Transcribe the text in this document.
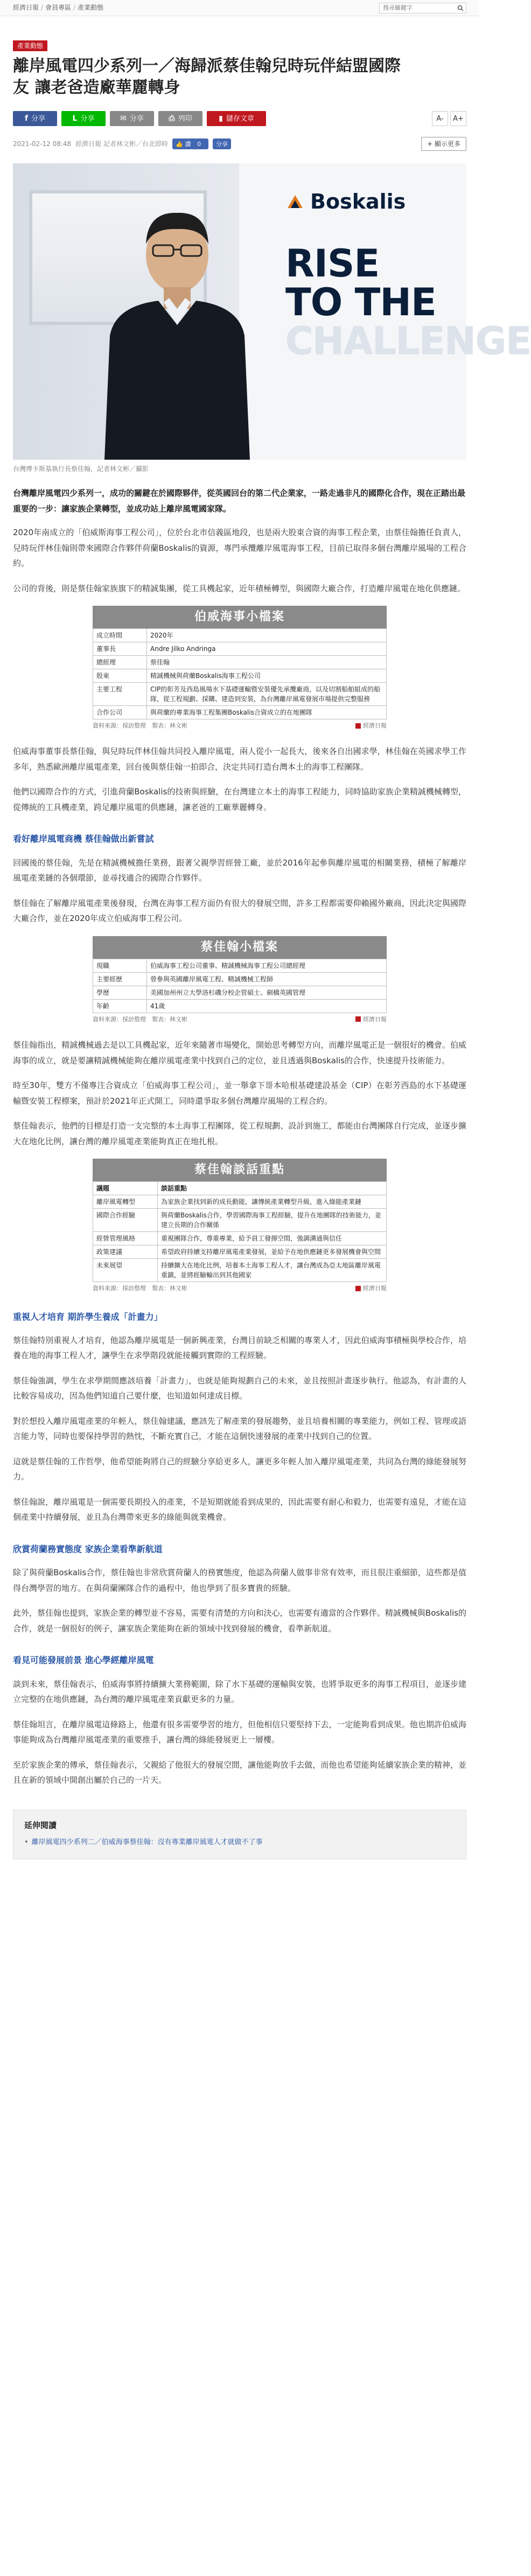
經濟日報 / 會員專區 / 產業動態
搜尋關鍵字
產業動態
離岸風電四少系列一／海歸派蔡佳翰兒時玩伴結盟國際
友 讓老爸造廠華麗轉身
f 分享	L 分享	✉ 分享	⎙ 列印	▮ 儲存文章	A-	A+
2021-02-12 08:48 經濟日報 記者林文彬／台北即時 👍 讚
0	分享	+ 顯示更多
Boskalis
RISE
TO THE
CHALLENGE
台灣博卡斯基執行長蔡佳翰，記者林文彬／攝影

台灣離岸風電四少系列一，成功的關鍵在於國際夥伴，從英國回台的第二代企業家，一路走過非凡的國際化合作，現在正踏出最重要的一步：讓家族企業轉型，並成功站上離岸風電國家隊。

2020年南成立的「伯威斯海事工程公司」，位於台北市信義區地段，也是兩大股東合資的海事工程企業，由蔡佳翰擔任負責人，兒時玩伴林佳翰則帶來國際合作夥伴荷蘭Boskalis的資源，專門承攬離岸風電海事工程，目前已取得多個台灣離岸風場的工程合約。

公司的背後，則是蔡佳翰家族旗下的精誠集團，從工具機起家，近年積極轉型，與國際大廠合作，打造離岸風電在地化供應鏈。

伯威海事小檔案
成立時間	2020年
董事長	Andre Jilko Andringa
總經理	蔡佳翰
股東	精誠機械與荷蘭Boskalis海事工程公司
主要工程	CIP的彰芳及西島風場水下基礎運輸暨安裝優先承攬廠商，以及切割船舶組成的船隊，從工程規劃、採購、建造到安裝，為台灣離岸風電發展市場提供完整服務
合作公司	與荷蘭的專業海事工程集團Boskalis合資成立的在地團隊
資料來源：採訪整理　製表：林文彬	經濟日報

伯威海事董事長蔡佳翰，與兒時玩伴林佳翰共同投入離岸風電，兩人從小一起長大，後來各自出國求學，林佳翰在英國求學工作多年，熟悉歐洲離岸風電產業，回台後與蔡佳翰一拍即合，決定共同打造台灣本土的海事工程團隊。

他們以國際合作的方式，引進荷蘭Boskalis的技術與經驗，在台灣建立本土的海事工程能力，同時協助家族企業精誠機械轉型，從傳統的工具機產業，跨足離岸風電的供應鏈，讓老爸的工廠華麗轉身。

看好離岸風電商機 蔡佳翰做出新嘗試

回國後的蔡佳翰，先是在精誠機械擔任業務，跟著父親學習經營工廠，並於2016年起參與離岸風電的相關業務，積極了解離岸風電產業鏈的各個環節，並尋找適合的國際合作夥伴。

蔡佳翰在了解離岸風電產業後發現，台灣在海事工程方面仍有很大的發展空間，許多工程都需要仰賴國外廠商，因此決定與國際大廠合作，並在2020年成立伯威海事工程公司。

蔡佳翰小檔案
現職	伯威海事工程公司董事、精誠機械海事工程公司總經理
主要經歷	曾參與英國離岸風電工程、精誠機械工程師
學歷	美國加州州立大學洛杉磯分校企管碩士、劍橋英國管理
年齡	41歲
資料來源：採訪整理　製表：林文彬	經濟日報

蔡佳翰指出，精誠機械過去是以工具機起家，近年來隨著市場變化，開始思考轉型方向，而離岸風電正是一個很好的機會。伯威海事的成立，就是要讓精誠機械能夠在離岸風電產業中找到自己的定位，並且透過與Boskalis的合作，快速提升技術能力。

時至30年，雙方不僅專注合資成立「伯威海事工程公司」，並一舉拿下哥本哈根基礎建設基金（CIP）在彰芳西島的水下基礎運輸暨安裝工程標案，預計於2021年正式開工，同時還爭取多個台灣離岸風場的工程合約。

蔡佳翰表示，他們的目標是打造一支完整的本土海事工程團隊，從工程規劃、設計到施工，都能由台灣團隊自行完成，並逐步擴大在地化比例，讓台灣的離岸風電產業能夠真正在地扎根。

蔡佳翰談話重點
議題	談話重點
離岸風電轉型	為家族企業找到新的成長動能，讓傳統產業轉型升級，進入綠能產業鏈
國際合作經驗	與荷蘭Boskalis合作，學習國際海事工程經驗，提升在地團隊的技術能力，並建立長期的合作關係
經營管理風格	重視團隊合作，尊重專業，給予員工發揮空間，強調溝通與信任
政策建議	希望政府持續支持離岸風電產業發展，並給予在地供應鏈更多發展機會與空間
未來展望	持續擴大在地化比例，培養本土海事工程人才，讓台灣成為亞太地區離岸風電重鎮，並將經驗輸出到其他國家
資料來源：採訪整理　製表：林文彬	經濟日報
重視人才培育 期許學生養成「計畫力」

蔡佳翰特別重視人才培育，他認為離岸風電是一個新興產業，台灣目前缺乏相關的專業人才，因此伯威海事積極與學校合作，培養在地的海事工程人才，讓學生在求學階段就能接觸到實際的工程經驗。

蔡佳翰強調，學生在求學期間應該培養「計畫力」，也就是能夠規劃自己的未來，並且按照計畫逐步執行。他認為，有計畫的人比較容易成功，因為他們知道自己要什麼，也知道如何達成目標。

對於想投入離岸風電產業的年輕人，蔡佳翰建議，應該先了解產業的發展趨勢，並且培養相關的專業能力，例如工程、管理或語言能力等，同時也要保持學習的熱忱，不斷充實自己，才能在這個快速發展的產業中找到自己的位置。

這就是蔡佳翰的工作哲學，他希望能夠將自己的經驗分享給更多人，讓更多年輕人加入離岸風電產業，共同為台灣的綠能發展努力。

蔡佳翰說，離岸風電是一個需要長期投入的產業，不是短期就能看到成果的，因此需要有耐心和毅力，也需要有遠見，才能在這個產業中持續發展，並且為台灣帶來更多的綠能與就業機會。

欣賞荷蘭務實態度 家族企業看準新航道

除了與荷蘭Boskalis合作，蔡佳翰也非常欣賞荷蘭人的務實態度，他認為荷蘭人做事非常有效率，而且很注重細節，這些都是值得台灣學習的地方。在與荷蘭團隊合作的過程中，他也學到了很多寶貴的經驗。

此外，蔡佳翰也提到，家族企業的轉型並不容易，需要有清楚的方向和決心，也需要有適當的合作夥伴。精誠機械與Boskalis的合作，就是一個很好的例子，讓家族企業能夠在新的領域中找到發展的機會，看準新航道。

看見可能發展前景 進心學經離岸風電

談到未來，蔡佳翰表示，伯威海事將持續擴大業務範圍，除了水下基礎的運輸與安裝，也將爭取更多的海事工程項目，並逐步建立完整的在地供應鏈，為台灣的離岸風電產業貢獻更多的力量。

蔡佳翰坦言，在離岸風電這條路上，他還有很多需要學習的地方，但他相信只要堅持下去，一定能夠看到成果。他也期許伯威海事能夠成為台灣離岸風電產業的重要推手，讓台灣的綠能發展更上一層樓。

至於家族企業的傳承，蔡佳翰表示，父親給了他很大的發展空間，讓他能夠放手去做，而他也希望能夠延續家族企業的精神，並且在新的領域中開創出屬於自己的一片天。

延伸閱讀
• 離岸風電四少系列二／伯威海事蔡佳翰：沒有專業離岸風電人才就做不了事
